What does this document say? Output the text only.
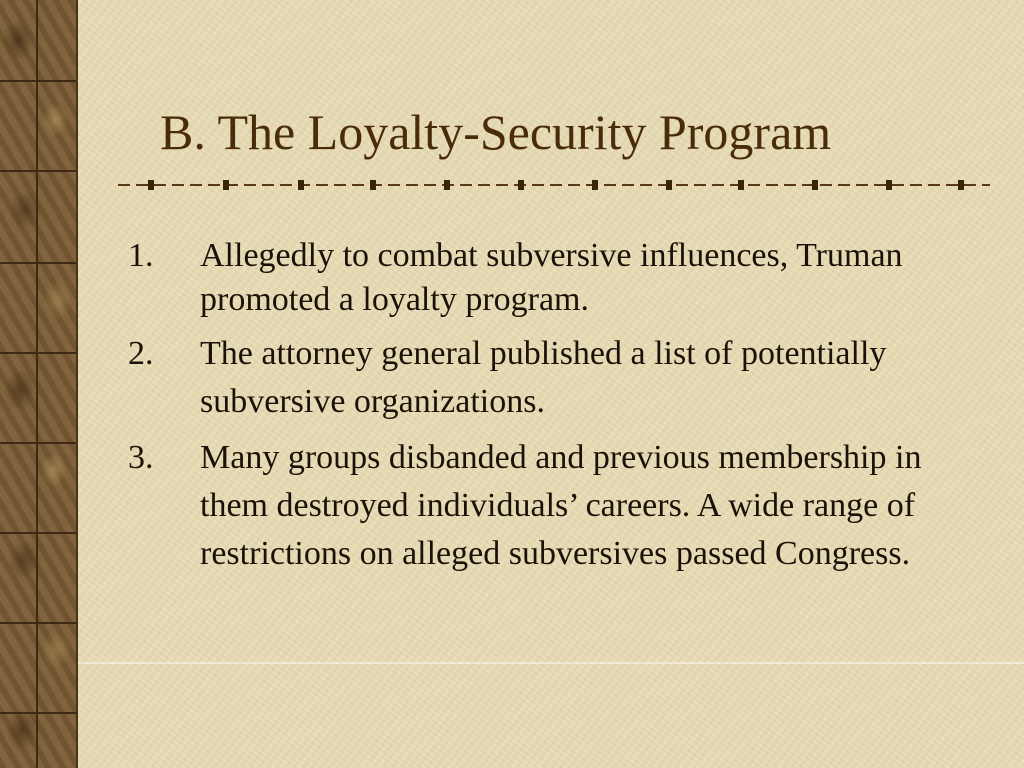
B. The Loyalty-Security Program
1. Allegedly to combat subversive influences, Truman promoted a loyalty program.
2. The attorney general published a list of potentially subversive organizations.
3. Many groups disbanded and previous membership in them destroyed individuals’ careers. A wide range of restrictions on alleged subversives passed Congress.
